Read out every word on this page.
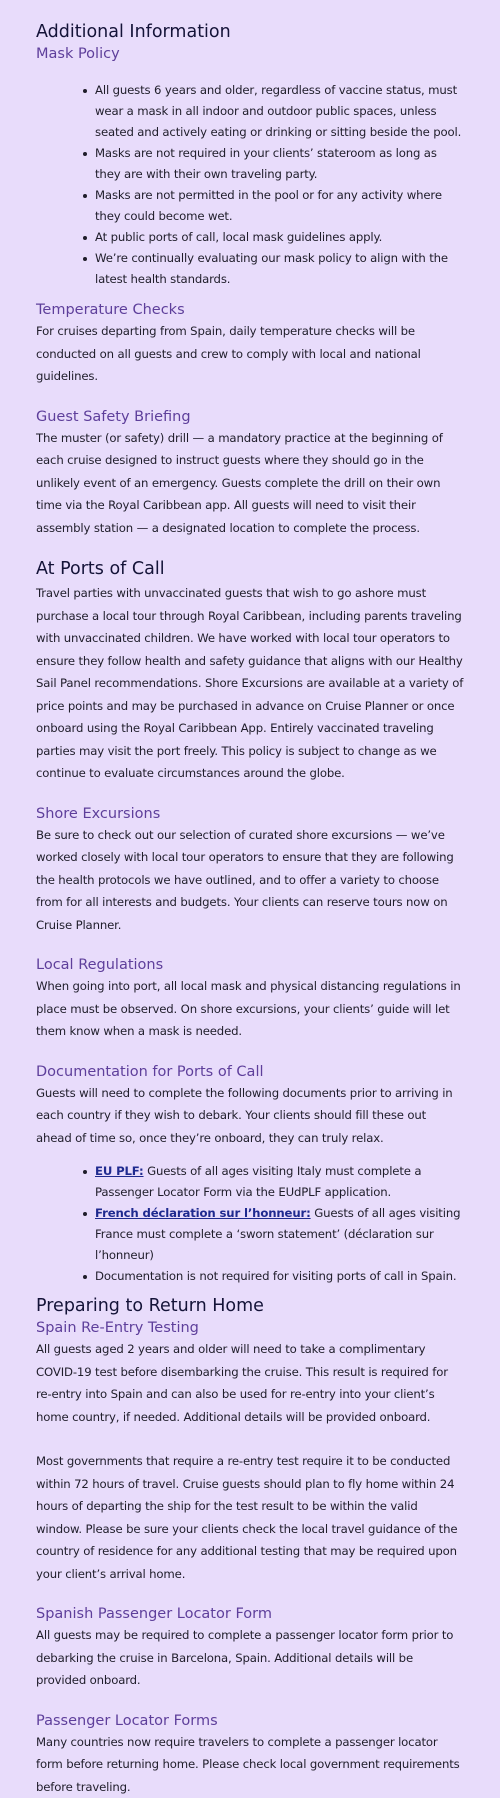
Additional Information
Mask Policy
All guests 6 years and older, regardless of vaccine status, must wear a mask in all indoor and outdoor public spaces, unless seated and actively eating or drinking or sitting beside the pool.
Masks are not required in your clients’ stateroom as long as they are with their own traveling party.
Masks are not permitted in the pool or for any activity where they could become wet.
At public ports of call, local mask guidelines apply.
We’re continually evaluating our mask policy to align with the latest health standards.
Temperature Checks

For cruises departing from Spain, daily temperature checks will be conducted on all guests and crew to comply with local and national guidelines.

Guest Safety Briefing

The muster (or safety) drill — a mandatory practice at the beginning of each cruise designed to instruct guests where they should go in the unlikely event of an emergency. Guests complete the drill on their own time via the Royal Caribbean app. All guests will need to visit their assembly station — a designated location to complete the process.

At Ports of Call

Travel parties with unvaccinated guests that wish to go ashore must purchase a local tour through Royal Caribbean, including parents traveling with unvaccinated children. We have worked with local tour operators to ensure they follow health and safety guidance that aligns with our Healthy Sail Panel recommendations. Shore Excursions are available at a variety of price points and may be purchased in advance on Cruise Planner or once onboard using the Royal Caribbean App. Entirely vaccinated traveling parties may visit the port freely. This policy is subject to change as we continue to evaluate circumstances around the globe.

Shore Excursions

Be sure to check out our selection of curated shore excursions — we’ve worked closely with local tour operators to ensure that they are following the health protocols we have outlined, and to offer a variety to choose from for all interests and budgets. Your clients can reserve tours now on Cruise Planner.

Local Regulations

When going into port, all local mask and physical distancing regulations in place must be observed. On shore excursions, your clients’ guide will let them know when a mask is needed.

Documentation for Ports of Call

Guests will need to complete the following documents prior to arriving in each country if they wish to debark. Your clients should fill these out ahead of time so, once they’re onboard, they can truly relax.

EU PLF: Guests of all ages visiting Italy must complete a Passenger Locator Form via the EUdPLF application.
French déclaration sur l’honneur: Guests of all ages visiting France must complete a ‘sworn statement’ (déclaration sur l’honneur)
Documentation is not required for visiting ports of call in Spain.
Preparing to Return Home
Spain Re-Entry Testing

All guests aged 2 years and older will need to take a complimentary COVID-19 test before disembarking the cruise. This result is required for re-entry into Spain and can also be used for re-entry into your client’s home country, if needed. Additional details will be provided onboard.

Most governments that require a re-entry test require it to be conducted within 72 hours of travel. Cruise guests should plan to fly home within 24 hours of departing the ship for the test result to be within the valid window. Please be sure your clients check the local travel guidance of the country of residence for any additional testing that may be required upon your client’s arrival home.

Spanish Passenger Locator Form

All guests may be required to complete a passenger locator form prior to debarking the cruise in Barcelona, Spain. Additional details will be provided onboard.

Passenger Locator Forms

Many countries now require travelers to complete a passenger locator form before returning home. Please check local government requirements before traveling.
